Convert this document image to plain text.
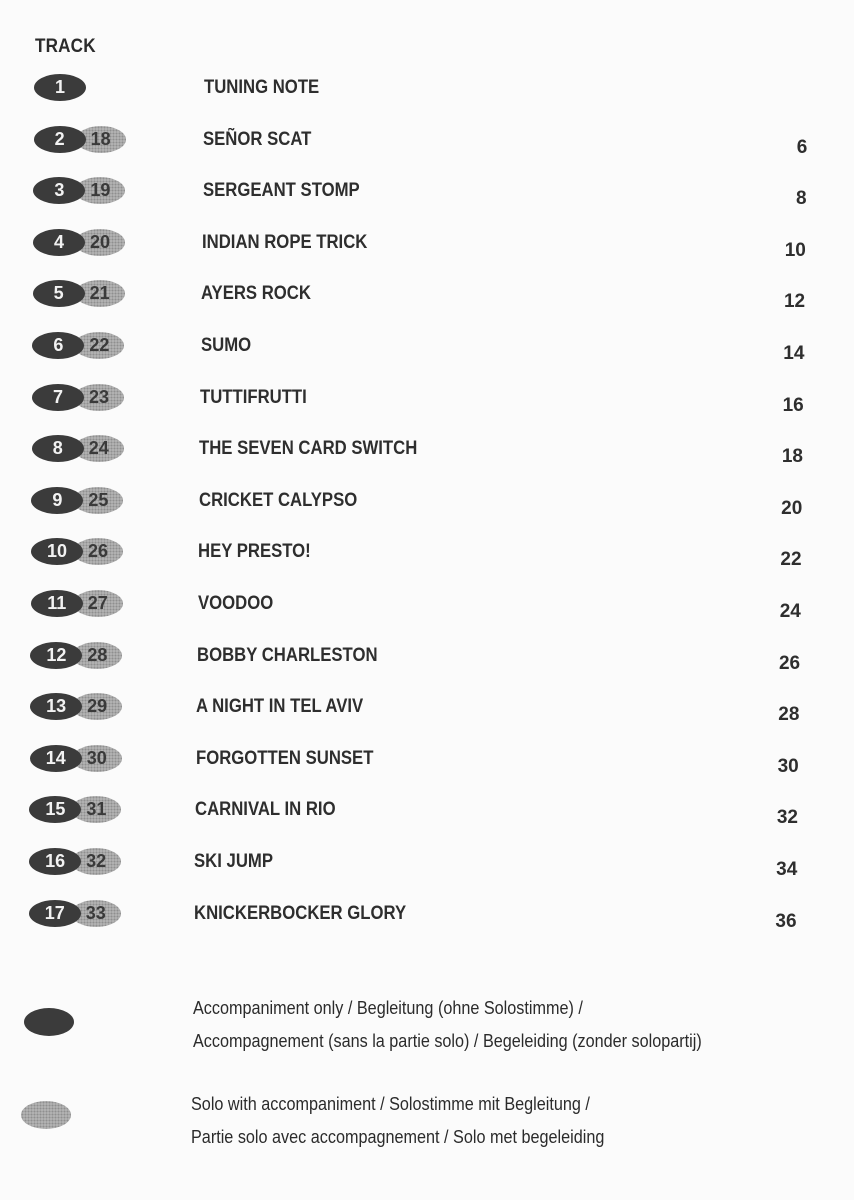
TRACK
1	TUNING NOTE
2	18	SEÑOR SCAT	6
3	19	SERGEANT STOMP	8
4	20	INDIAN ROPE TRICK	10
5	21	AYERS ROCK	12
6	22	SUMO	14
7	23	TUTTIFRUTTI	16
8	24	THE SEVEN CARD SWITCH	18
9	25	CRICKET CALYPSO	20
10	26	HEY PRESTO!	22
11	27	VOODOO	24
12	28	BOBBY CHARLESTON	26
13	29	A NIGHT IN TEL AVIV	28
14	30	FORGOTTEN SUNSET	30
15	31	CARNIVAL IN RIO	32
16	32	SKI JUMP	34
17	33	KNICKERBOCKER GLORY	36
Accompaniment only / Begleitung (ohne Solostimme) /
Accompagnement (sans la partie solo) / Begeleiding (zonder solopartij)
Solo with accompaniment / Solostimme mit Begleitung /
Partie solo avec accompagnement / Solo met begeleiding
